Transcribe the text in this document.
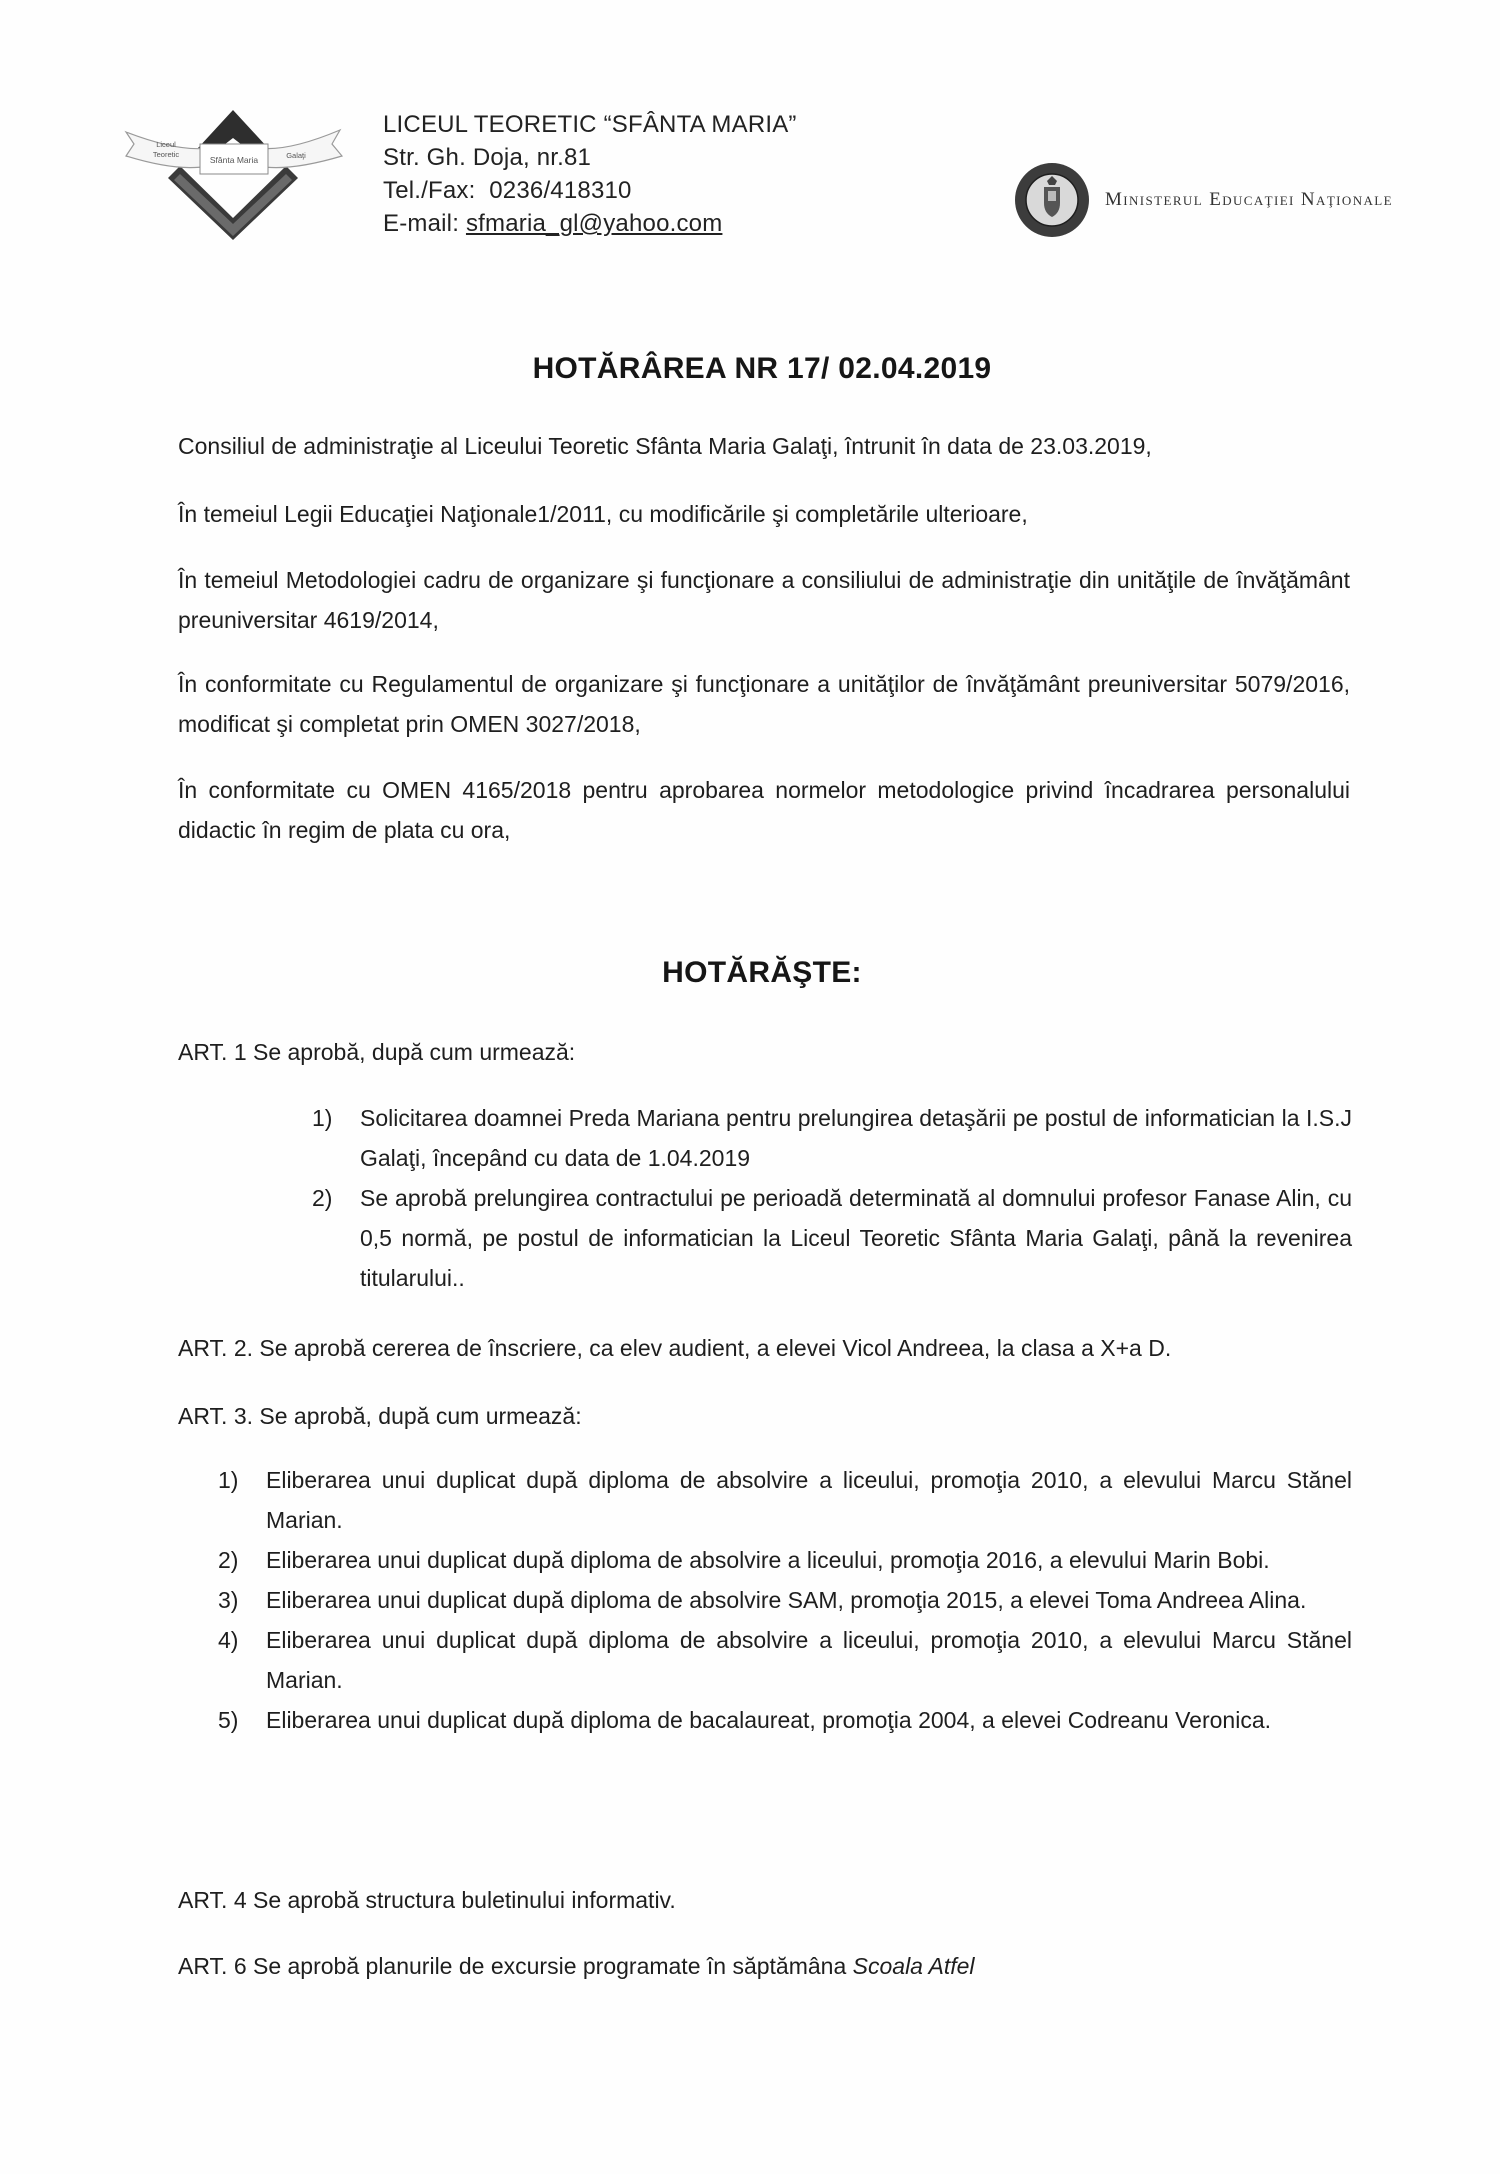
Sfânta Maria
Liceul
Teoretic	Galaţi
LICEUL TEORETIC “SFÂNTA MARIA”
Str. Gh. Doja, nr.81
Tel./Fax: 0236/418310
E-mail: sfmaria_gl@yahoo.com
Ministerul Educaţiei Naţionale
HOTĂRÂREA NR 17/ 02.04.2019
Consiliul de administraţie al Liceului Teoretic Sfânta Maria Galaţi, întrunit în data de 23.03.2019,
În temeiul Legii Educaţiei Naţionale1/2011, cu modificările şi completările ulterioare,
În temeiul Metodologiei cadru de organizare şi funcţionare a consiliului de administraţie din unităţile de învăţământ preuniversitar 4619/2014,
În conformitate cu Regulamentul de organizare şi funcţionare a unităţilor de învăţământ preuniversitar 5079/2016, modificat şi completat prin OMEN 3027/2018,
În conformitate cu OMEN 4165/2018 pentru aprobarea normelor metodologice privind încadrarea personalului didactic în regim de plata cu ora,
HOTĂRĂŞTE:
ART. 1 Se aprobă, după cum urmează:
1)	Solicitarea doamnei Preda Mariana pentru prelungirea detaşării pe postul de informatician la I.S.J Galaţi, începând cu data de 1.04.2019
2)	Se aprobă prelungirea contractului pe perioadă determinată al domnului profesor Fanase Alin, cu 0,5 normă, pe postul de informatician la Liceul Teoretic Sfânta Maria Galaţi, până la revenirea titularului..
ART. 2. Se aprobă cererea de înscriere, ca elev audient, a elevei Vicol Andreea, la clasa a X+a D.
ART. 3. Se aprobă, după cum urmează:
1)	Eliberarea unui duplicat după diploma de absolvire a liceului, promoţia 2010, a elevului Marcu Stănel Marian.
2)	Eliberarea unui duplicat după diploma de absolvire a liceului, promoţia 2016, a elevului Marin Bobi.
3)	Eliberarea unui duplicat după diploma de absolvire SAM, promoţia 2015, a elevei Toma Andreea Alina.
4)	Eliberarea unui duplicat după diploma de absolvire a liceului, promoţia 2010, a elevului Marcu Stănel Marian.
5)	Eliberarea unui duplicat după diploma de bacalaureat, promoţia 2004, a elevei Codreanu Veronica.
ART. 4 Se aprobă structura buletinului informativ.
ART. 6 Se aprobă planurile de excursie programate în săptămâna Scoala Atfel
